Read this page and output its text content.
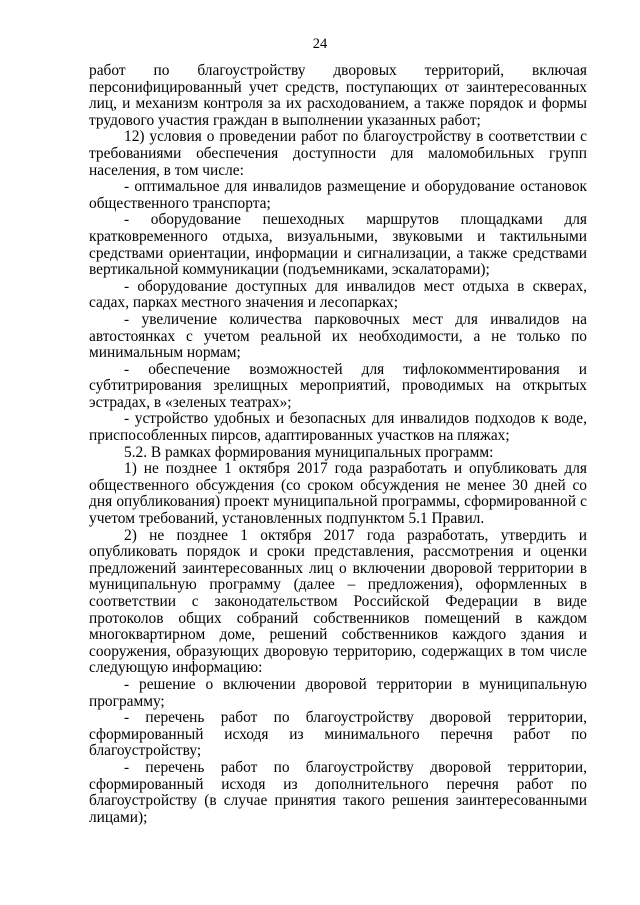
24

работ по благоустройству дворовых территорий, включая персонифицированный учет средств, поступающих от заинтересованных лиц, и механизм контроля за их расходованием, а также порядок и формы трудового участия граждан в выполнении указанных работ;

12) условия о проведении работ по благоустройству в соответствии с требованиями обеспечения доступности для маломобильных групп населения, в том числе:

- оптимальное для инвалидов размещение и оборудование остановок общественного транспорта;

- оборудование пешеходных маршрутов площадками для кратковременного отдыха, визуальными, звуковыми и тактильными средствами ориентации, информации и сигнализации, а также средствами вертикальной коммуникации (подъемниками, эскалаторами);

- оборудование доступных для инвалидов мест отдыха в скверах, садах, парках местного значения и лесопарках;

- увеличение количества парковочных мест для инвалидов на автостоянках с учетом реальной их необходимости, а не только по минимальным нормам;

- обеспечение возможностей для тифлокомментирования и субтитрирования зрелищных мероприятий, проводимых на открытых эстрадах, в «зеленых театрах»;

- устройство удобных и безопасных для инвалидов подходов к воде, приспособленных пирсов, адаптированных участков на пляжах;

5.2. В рамках формирования муниципальных программ:

1) не позднее 1 октября 2017 года разработать и опубликовать для общественного обсуждения (со сроком обсуждения не менее 30 дней со дня опубликования) проект муниципальной программы, сформированной с учетом требований, установленных подпунктом 5.1 Правил.

2) не позднее 1 октября 2017 года разработать, утвердить и опубликовать порядок и сроки представления, рассмотрения и оценки предложений заинтересованных лиц о включении дворовой территории в муниципальную программу (далее – предложения), оформленных в соответствии с законодательством Российской Федерации в виде протоколов общих собраний собственников помещений в каждом многоквартирном доме, решений собственников каждого здания и сооружения, образующих дворовую территорию, содержащих в том числе следующую информацию:

- решение о включении дворовой территории в муниципальную программу;

- перечень работ по благоустройству дворовой территории, сформированный исходя из минимального перечня работ по благоустройству;

- перечень работ по благоустройству дворовой территории, сформированный исходя из дополнительного перечня работ по благоустройству (в случае принятия такого решения заинтересованными лицами);
